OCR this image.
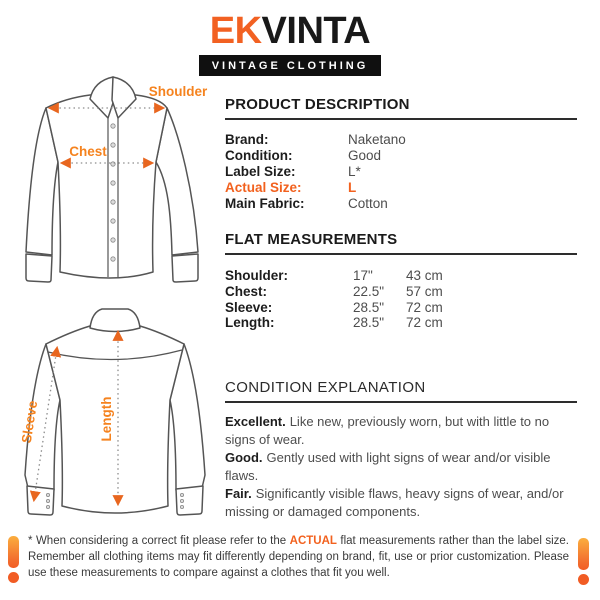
EKVINTA
VINTAGE CLOTHING
Shoulder
Chest
Sleeve	Length
PRODUCT DESCRIPTION
Brand:	Naketano
Condition:	Good
Label Size:	L*
Actual Size:	L
Main Fabric:	Cotton
FLAT MEASUREMENTS
Shoulder:	17"	43 cm
Chest:	22.5"	57 cm
Sleeve:	28.5"	72 cm
Length:	28.5"	72 cm
CONDITION EXPLANATION

Excellent. Like new, previously worn, but with little to no signs of wear.

Good. Gently used with light signs of wear and/or visible flaws.

Fair. Significantly visible flaws, heavy signs of wear, and/or missing or damaged components.

* When considering a correct fit please refer to the ACTUAL flat measurements rather than the label size. Remember all clothing items may fit differently depending on brand, fit, use or prior customization. Please use these measurements to compare against a clothes that fit you well.
